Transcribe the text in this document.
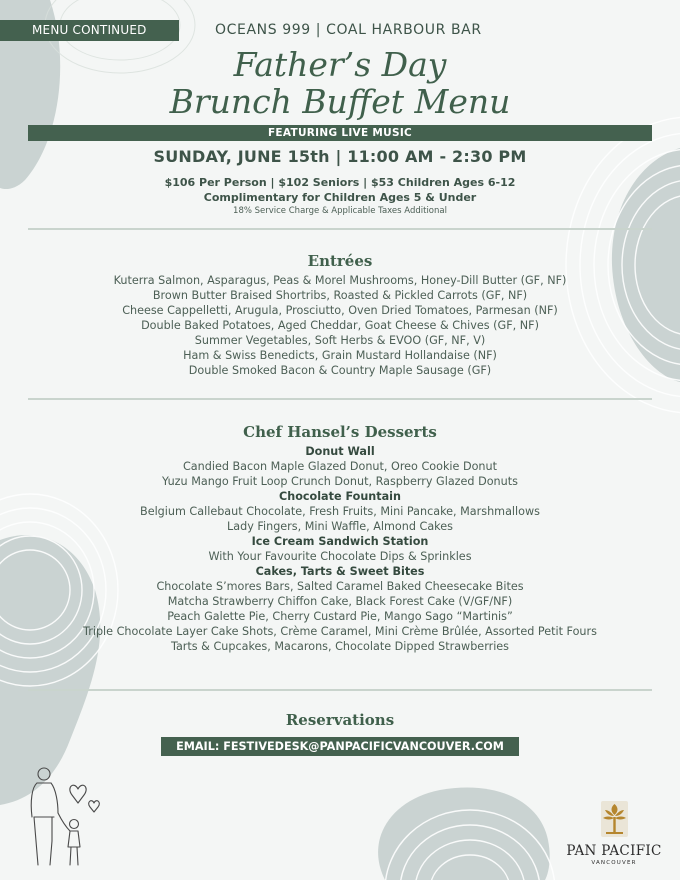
MENU CONTINUED	OCEANS 999 | COAL HARBOUR BAR
Father’s Day
Brunch Buffet Menu
FEATURING LIVE MUSIC
SUNDAY, JUNE 15th | 11:00 AM - 2:30 PM
$106 Per Person | $102 Seniors | $53 Children Ages 6-12
Complimentary for Children Ages 5 & Under
18% Service Charge & Applicable Taxes Additional
Entrées
Kuterra Salmon, Asparagus, Peas & Morel Mushrooms, Honey-Dill Butter (GF, NF)
Brown Butter Braised Shortribs, Roasted & Pickled Carrots (GF, NF)
Cheese Cappelletti, Arugula, Prosciutto, Oven Dried Tomatoes, Parmesan (NF)
Double Baked Potatoes, Aged Cheddar, Goat Cheese & Chives (GF, NF)
Summer Vegetables, Soft Herbs & EVOO (GF, NF, V)
Ham & Swiss Benedicts, Grain Mustard Hollandaise (NF)
Double Smoked Bacon & Country Maple Sausage (GF)
Chef Hansel’s Desserts
Donut Wall
Candied Bacon Maple Glazed Donut, Oreo Cookie Donut
Yuzu Mango Fruit Loop Crunch Donut, Raspberry Glazed Donuts
Chocolate Fountain
Belgium Callebaut Chocolate, Fresh Fruits, Mini Pancake, Marshmallows
Lady Fingers, Mini Waffle, Almond Cakes
Ice Cream Sandwich Station
With Your Favourite Chocolate Dips & Sprinkles
Cakes, Tarts & Sweet Bites
Chocolate S’mores Bars, Salted Caramel Baked Cheesecake Bites
Matcha Strawberry Chiffon Cake, Black Forest Cake (V/GF/NF)
Peach Galette Pie, Cherry Custard Pie, Mango Sago “Martinis”
Triple Chocolate Layer Cake Shots, Crème Caramel, Mini Crème Brûlée, Assorted Petit Fours
Tarts & Cupcakes, Macarons, Chocolate Dipped Strawberries
Reservations
EMAIL: FESTIVEDESK@PANPACIFICVANCOUVER.COM
PAN PACIFIC
VANCOUVER
